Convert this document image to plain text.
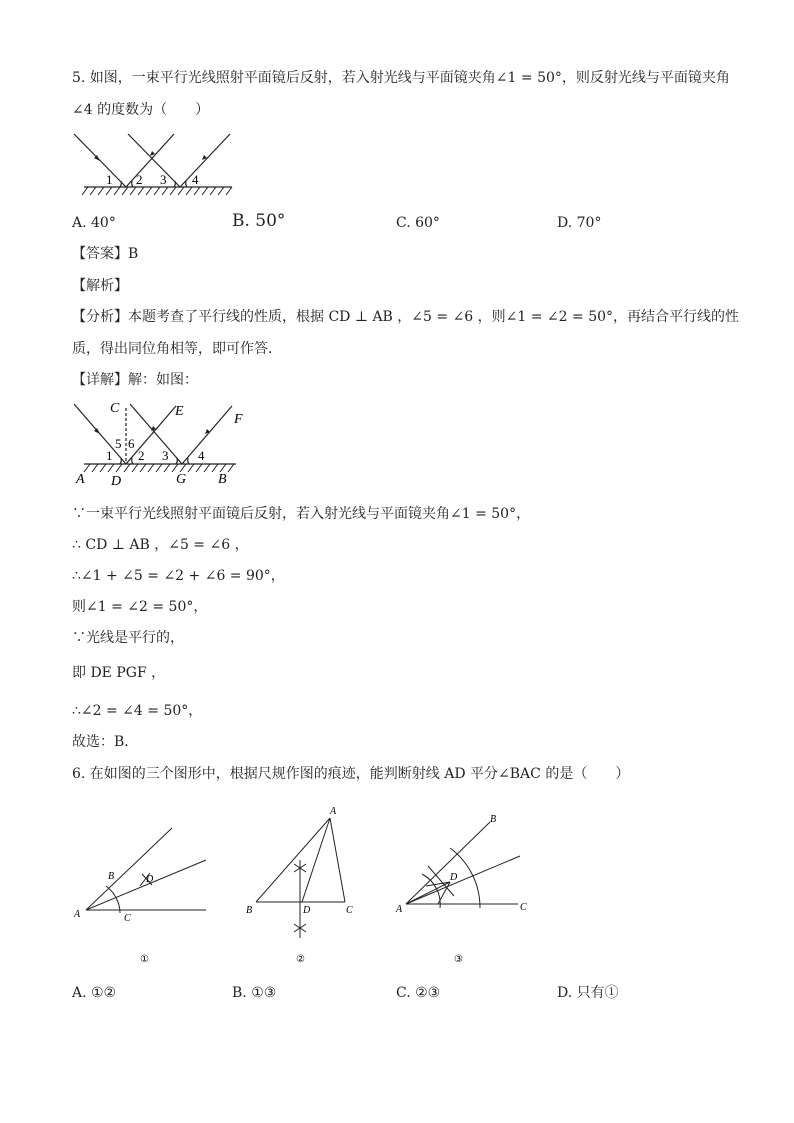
5. 如图，一束平行光线照射平面镜后反射，若入射光线与平面镜夹角∠1 = 50°，则反射光线与平面镜夹角
∠4 的度数为（　　）
1 2 3 4
A. 40°	B. 50°	C. 60°	D. 70°
【答案】B
【解析】
【分析】本题考查了平行线的性质，根据 CD ⊥ AB ，∠5 = ∠6 ，则∠1 = ∠2 = 50°，再结合平行线的性
质，得出同位角相等，即可作答．
【详解】解：如图：
C	E
F
5 6
1 2 3 4
A D	G B
∵一束平行光线照射平面镜后反射，若入射光线与平面镜夹角∠1 = 50°，
∴ CD ⊥ AB ，∠5 = ∠6 ，
∴∠1 + ∠5 = ∠2 + ∠6 = 90°，
则∠1 = ∠2 = 50°，
∵光线是平行的，
即 DE PGF ，
∴∠2 = ∠4 = 50°，
故选：B．
6. 在如图的三个图形中，根据尺规作图的痕迹，能判断射线 AD 平分∠BAC 的是（　　）
A
B
C
D
①
A
B	C
D
②
A
B
C
D
③
A. ①②	B. ①③	C. ②③	D. 只有①
